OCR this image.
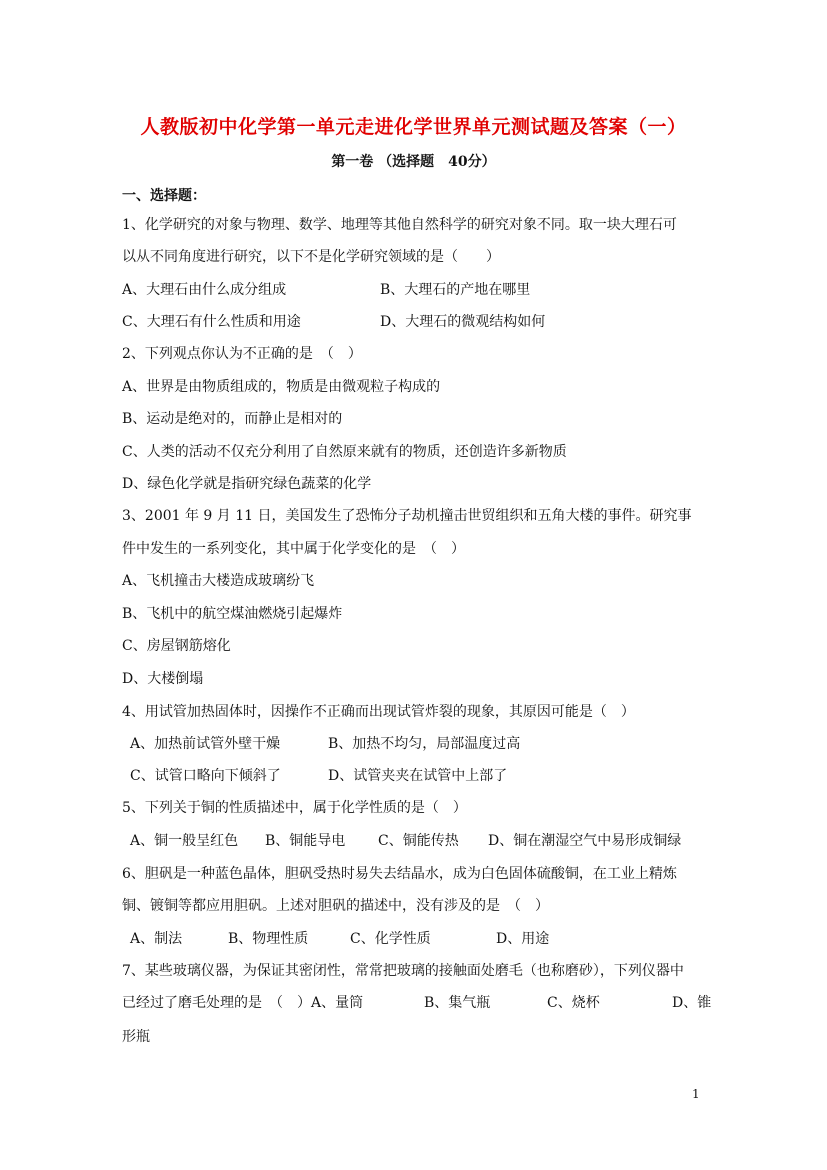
人教版初中化学第一单元走进化学世界单元测试题及答案（一）
第一卷 （选择题　40分）
一、选择题：
1、化学研究的对象与物理、数学、地理等其他自然科学的研究对象不同。取一块大理石可
以从不同角度进行研究，以下不是化学研究领域的是（　　）
A、大理石由什么成分组成	B、大理石的产地在哪里
C、大理石有什么性质和用途	D、大理石的微观结构如何
2、下列观点你认为不正确的是　（　）
A、世界是由物质组成的，物质是由微观粒子构成的
B、运动是绝对的，而静止是相对的
C、人类的活动不仅充分利用了自然原来就有的物质，还创造许多新物质
D、绿色化学就是指研究绿色蔬菜的化学
3、2001 年 9 月 11 日，美国发生了恐怖分子劫机撞击世贸组织和五角大楼的事件。研究事
件中发生的一系列变化，其中属于化学变化的是　（　）
A、飞机撞击大楼造成玻璃纷飞
B、飞机中的航空煤油燃烧引起爆炸
C、房屋钢筋熔化
D、大楼倒塌
4、用试管加热固体时，因操作不正确而出现试管炸裂的现象，其原因可能是（　）
A、加热前试管外壁干燥	B、加热不均匀，局部温度过高
C、试管口略向下倾斜了	D、试管夹夹在试管中上部了
5、下列关于铜的性质描述中，属于化学性质的是（　）
A、铜一般呈红色 B、铜能导电 C、铜能传热 D、铜在潮湿空气中易形成铜绿
6、胆矾是一种蓝色晶体，胆矾受热时易失去结晶水，成为白色固体硫酸铜，在工业上精炼
铜、镀铜等都应用胆矾。上述对胆矾的描述中，没有涉及的是　（　）
A、制法	B、物理性质	C、化学性质	D、用途
7、某些玻璃仪器，为保证其密闭性，常常把玻璃的接触面处磨毛（也称磨砂），下列仪器中
已经过了磨毛处理的是　（　）A、量筒	B、集气瓶	C、烧杯	D、锥
形瓶
1
